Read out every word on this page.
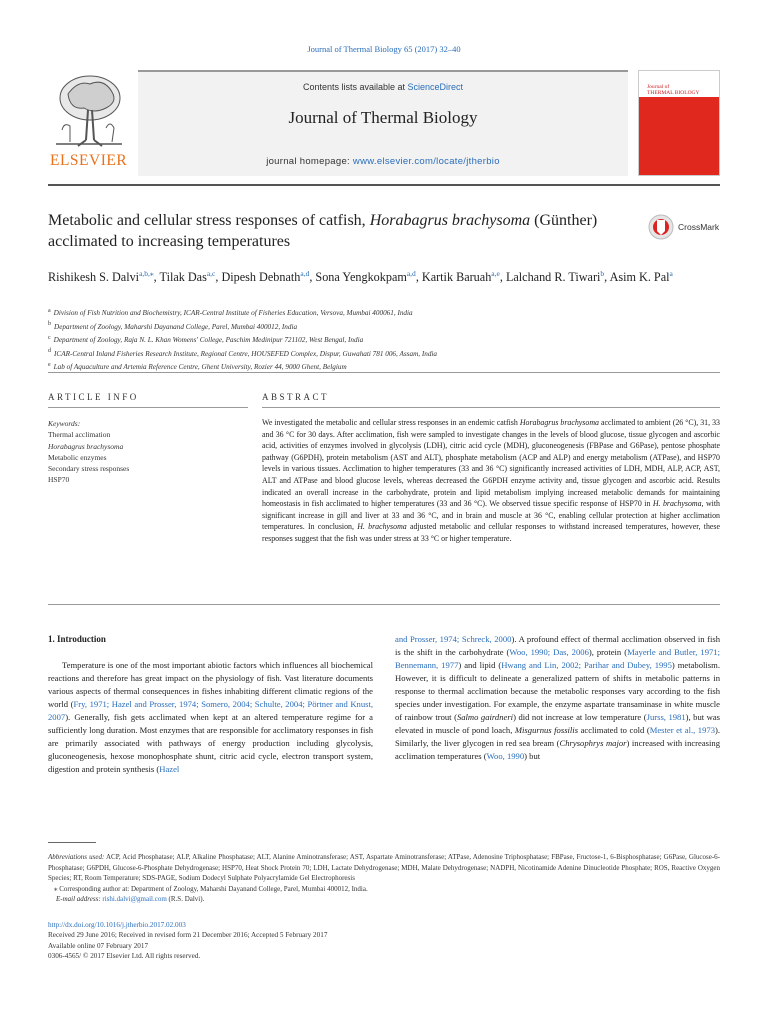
Journal of Thermal Biology 65 (2017) 32–40
ELSEVIER
Contents lists available at ScienceDirect
Journal of Thermal Biology
journal homepage: www.elsevier.com/locate/jtherbio
Journal of
THERMAL BIOLOGY
Metabolic and cellular stress responses of catfish, Horabagrus brachysoma (Günther) acclimated to increasing temperatures
CrossMark
Rishikesh S. Dalvi$^{a,b,⁎}$, Tilak Das$^{a,c}$, Dipesh Debnath$^{a,d}$, Sona Yengkokpam$^{a,d}$, Kartik Baruah$^{a,e}$, Lalchand R. Tiwari$^b$, Asim K. Pal$^a$
$^a$ Division of Fish Nutrition and Biochemistry, ICAR-Central Institute of Fisheries Education, Versova, Mumbai 400061, India
$^b$ Department of Zoology, Maharshi Dayanand College, Parel, Mumbai 400012, India
$^c$ Department of Zoology, Raja N. L. Khan Womens' College, Paschim Medinipur 721102, West Bengal, India
$^d$ ICAR-Central Inland Fisheries Research Institute, Regional Centre, HOUSEFED Complex, Dispur, Guwahati 781 006, Assam, India
$^e$ Lab of Aquaculture and Artemia Reference Centre, Ghent University, Rozier 44, 9000 Ghent, Belgium
ARTICLE INFO
Keywords:
Thermal acclimation
Horabagrus brachysoma
Metabolic enzymes
Secondary stress responses
HSP70
ABSTRACT
We investigated the metabolic and cellular stress responses in an endemic catfish Horabagrus brachysoma acclimated to ambient (26 °C), 31, 33 and 36 °C for 30 days. After acclimation, fish were sampled to investigate changes in the levels of blood glucose, tissue glycogen and ascorbic acid, activities of enzymes involved in glycolysis (LDH), citric acid cycle (MDH), gluconeogenesis (FBPase and G6Pase), pentose phosphate pathway (G6PDH), protein metabolism (AST and ALT), phosphate metabolism (ACP and ALP) and energy metabolism (ATPase), and HSP70 levels in various tissues. Acclimation to higher temperatures (33 and 36 °C) significantly increased activities of LDH, MDH, ALP, ACP, AST, ALT and ATPase and blood glucose levels, whereas decreased the G6PDH enzyme activity and, tissue glycogen and ascorbic acid. Results indicated an overall increase in the carbohydrate, protein and lipid metabolism implying increased metabolic demands for maintaining homeostasis in fish acclimated to higher temperatures (33 and 36 °C). We observed tissue specific response of HSP70 in H. brachysoma, with significant increase in gill and liver at 33 and 36 °C, and in brain and muscle at 36 °C, enabling cellular protection at higher acclimation temperatures. In conclusion, H. brachysoma adjusted metabolic and cellular responses to withstand increased temperatures, however, these responses suggest that the fish was under stress at 33 °C or higher temperature.
1. Introduction
Temperature is one of the most important abiotic factors which influences all biochemical reactions and therefore has great impact on the physiology of fish. Vast literature documents various aspects of thermal consequences in fishes inhabiting different climatic regions of the world (Fry, 1971; Hazel and Prosser, 1974; Somero, 2004; Schulte, 2004; Pörtner and Knust, 2007). Generally, fish gets acclimated when kept at an altered temperature regime for a sufficiently long duration. Most enzymes that are responsible for acclimatory responses in fish are primarily associated with pathways of energy production including glycolysis, gluconeogenesis, hexose monophosphate shunt, citric acid cycle, electron transport system, digestion and protein synthesis (Hazel
and Prosser, 1974; Schreck, 2000). A profound effect of thermal acclimation observed in fish is the shift in the carbohydrate (Woo, 1990; Das, 2006), protein (Mayerle and Butler, 1971; Bennemann, 1977) and lipid (Hwang and Lin, 2002; Parihar and Dubey, 1995) metabolism. However, it is difficult to delineate a generalized pattern of shifts in metabolic patterns in response to thermal acclimation because the metabolic responses vary according to the fish species under investigation. For example, the enzyme aspartate transaminase in white muscle of rainbow trout (Salmo gairdneri) did not increase at low temperature (Jurss, 1981), but was elevated in muscle of pond loach, Misgurnus fossilis acclimated to cold (Mester et al., 1973). Similarly, the liver glycogen in red sea bream (Chrysophrys major) increased with increasing acclimation temperatures (Woo, 1990) but
Abbreviations used: ACP, Acid Phosphatase; ALP, Alkaline Phosphatase; ALT, Alanine Aminotransferase; AST, Aspartate Aminotransferase; ATPase, Adenosine Triphosphatase; FBPase, Fructose-1, 6-Bisphosphatase; G6Pase, Glucose-6-Phosphatase; G6PDH, Glucose-6-Phosphate Dehydrogenase; HSP70, Heat Shock Protein 70; LDH, Lactate Dehydrogenase; MDH, Malate Dehydrogenase; NADPH, Nicotinamide Adenine Dinucleotide Phosphate; ROS, Reactive Oxygen Species; RT, Room Temperature; SDS-PAGE, Sodium Dodecyl Sulphate Polyacrylamide Gel Electrophoresis
⁎ Corresponding author at: Department of Zoology, Maharshi Dayanand College, Parel, Mumbai 400012, India.
E-mail address: rishi.dalvi@gmail.com (R.S. Dalvi).
http://dx.doi.org/10.1016/j.jtherbio.2017.02.003
Received 29 June 2016; Received in revised form 21 December 2016; Accepted 5 February 2017
Available online 07 February 2017
0306-4565/ © 2017 Elsevier Ltd. All rights reserved.
